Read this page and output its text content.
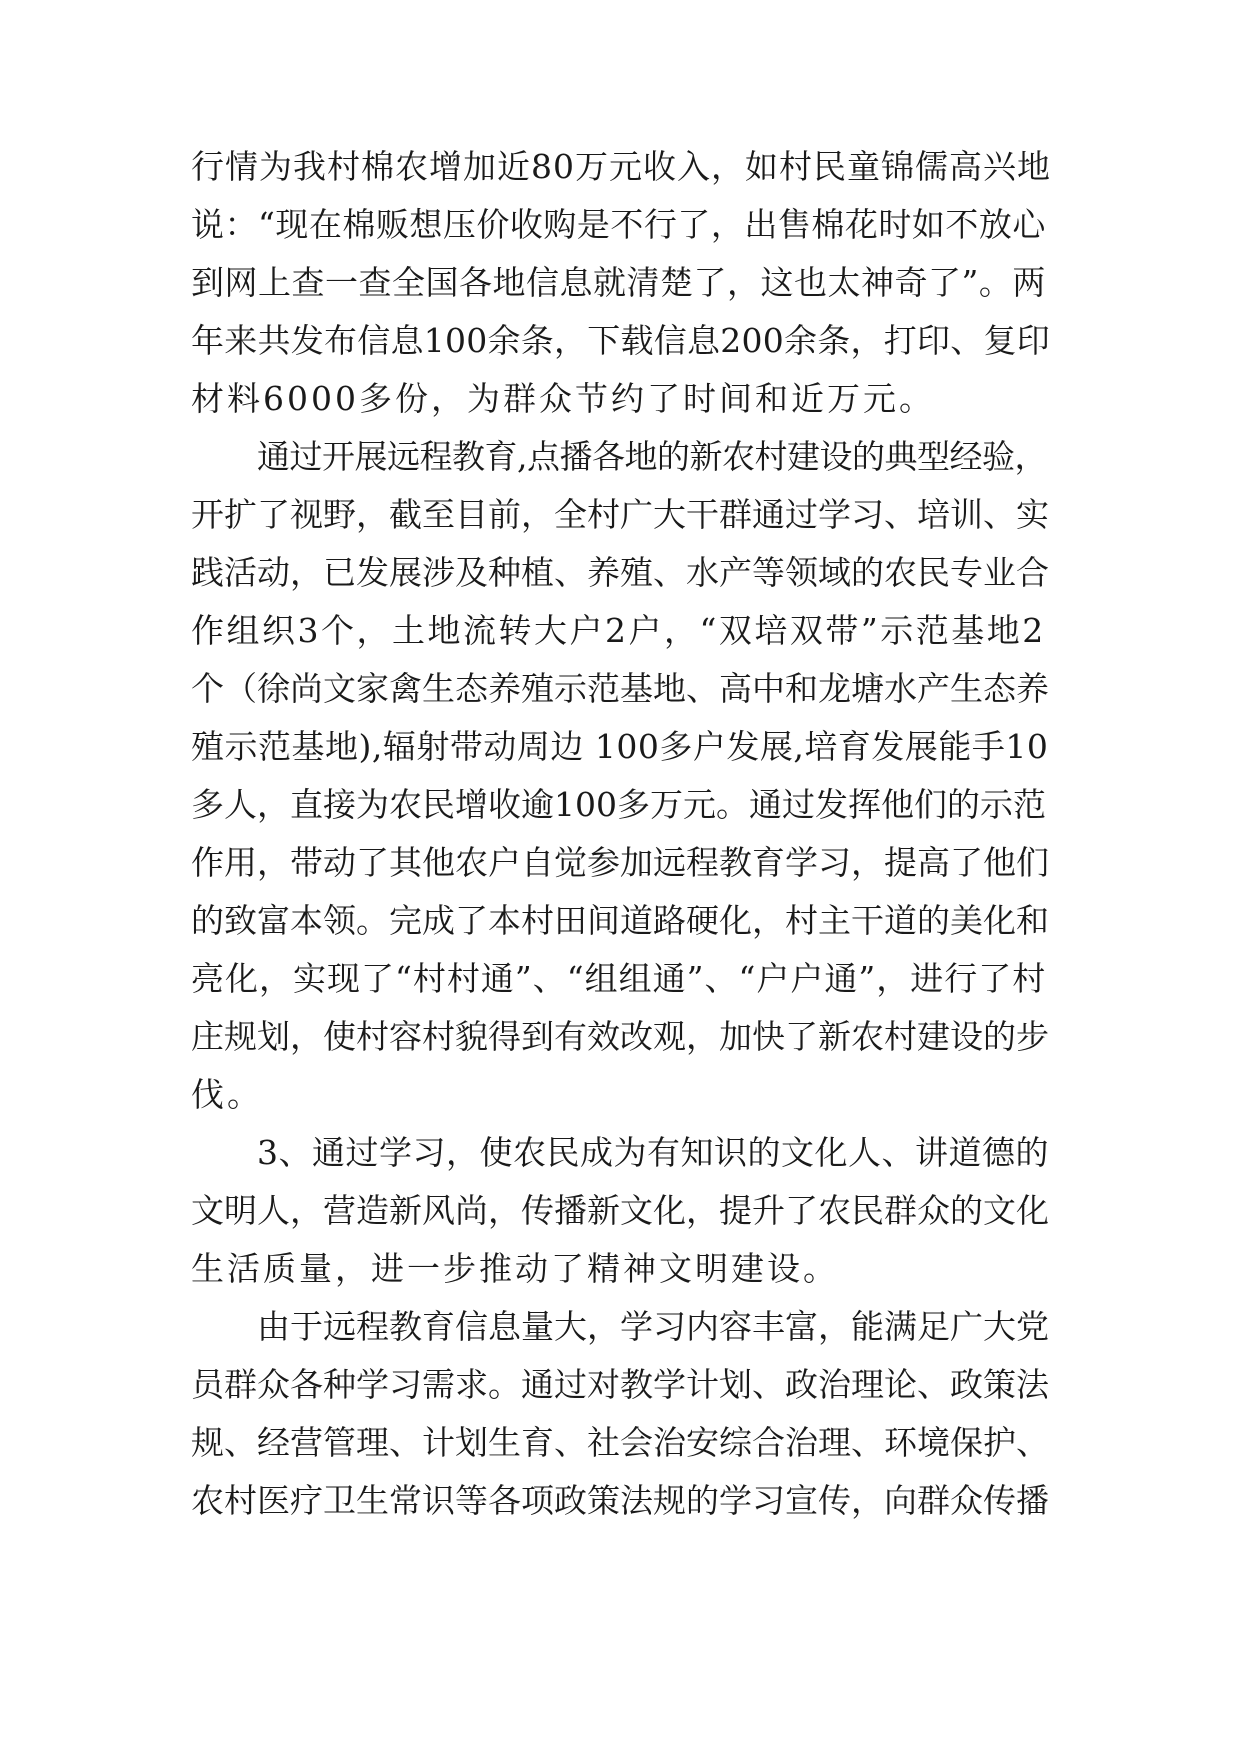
行情为我村棉农增加近80万元收入，如村民童锦儒高兴地
说：“现在棉贩想压价收购是不行了，出售棉花时如不放心
到网上查一查全国各地信息就清楚了，这也太神奇了”。两
年来共发布信息100余条，下载信息200余条，打印、复印
材料6000多份，为群众节约了时间和近万元。
通过开展远程教育,点播各地的新农村建设的典型经验，
开扩了视野，截至目前，全村广大干群通过学习、培训、实
践活动，已发展涉及种植、养殖、水产等领域的农民专业合
作组织3个，土地流转大户2户，“双培双带”示范基地2
个（徐尚文家禽生态养殖示范基地、高中和龙塘水产生态养
殖示范基地),辐射带动周边 100多户发展,培育发展能手10
多人，直接为农民增收逾100多万元。通过发挥他们的示范
作用，带动了其他农户自觉参加远程教育学习，提高了他们
的致富本领。完成了本村田间道路硬化，村主干道的美化和
亮化，实现了“村村通”、“组组通”、“户户通”，进行了村
庄规划，使村容村貌得到有效改观，加快了新农村建设的步
伐。
3、通过学习，使农民成为有知识的文化人、讲道德的
文明人，营造新风尚，传播新文化，提升了农民群众的文化
生活质量，进一步推动了精神文明建设。
由于远程教育信息量大，学习内容丰富，能满足广大党
员群众各种学习需求。通过对教学计划、政治理论、政策法
规、经营管理、计划生育、社会治安综合治理、环境保护、
农村医疗卫生常识等各项政策法规的学习宣传，向群众传播
